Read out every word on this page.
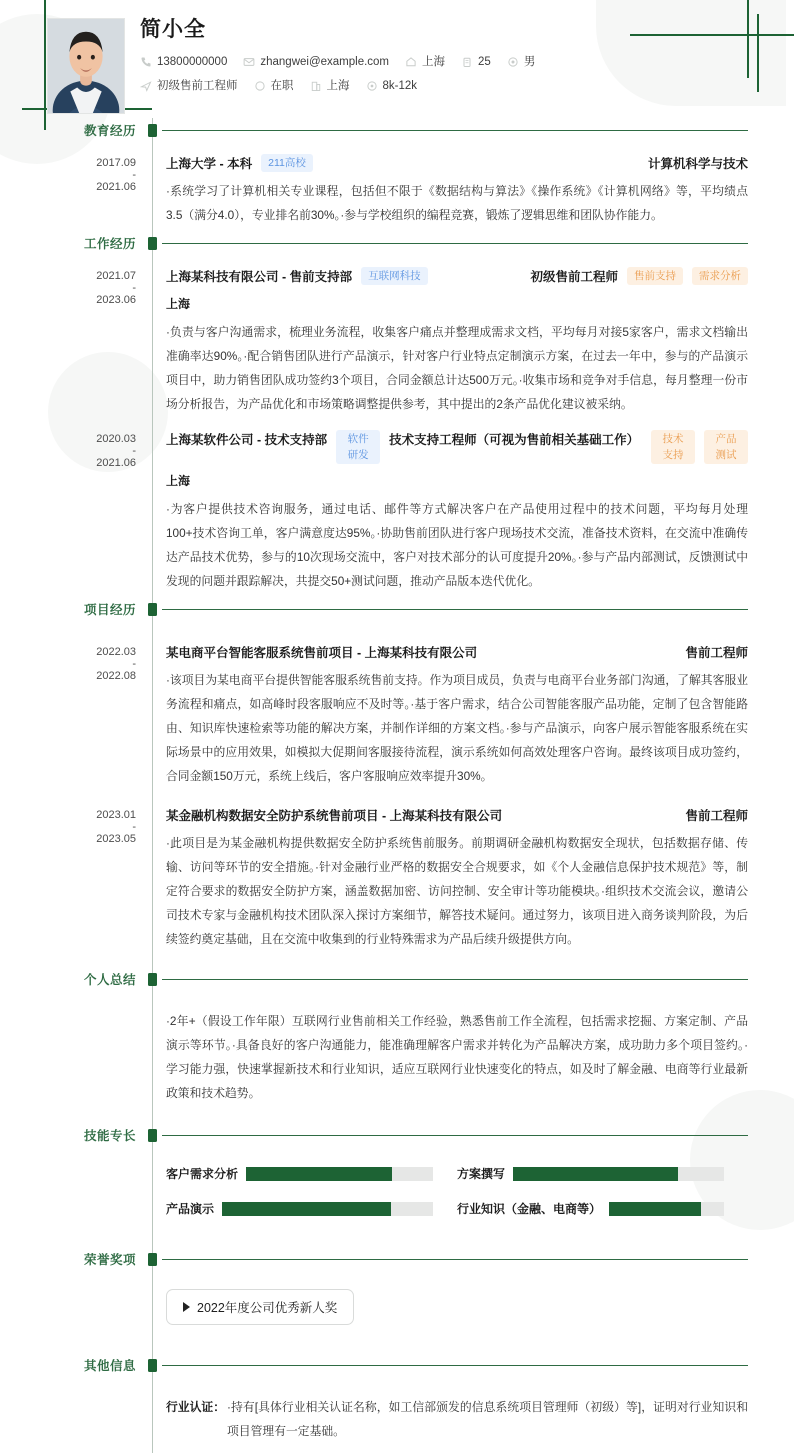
简小全
13800000000	zhangwei@example.com	上海	25	男
初级售前工程师	在职	上海	8k-12k
教育经历
2017.09
-
2021.06
上海大学 - 本科	211高校	计算机科学与技术
·系统学习了计算机相关专业课程，包括但不限于《数据结构与算法》《操作系统》《计算机网络》等，平均绩点3.5（满分4.0），专业排名前30%。·参与学校组织的编程竞赛，锻炼了逻辑思维和团队协作能力。
工作经历
2021.07
-
2023.06
上海某科技有限公司 - 售前支持部	互联网科技	初级售前工程师	售前支持	需求分析
上海
·负责与客户沟通需求，梳理业务流程，收集客户痛点并整理成需求文档，平均每月对接5家客户，需求文档输出准确率达90%。·配合销售团队进行产品演示，针对客户行业特点定制演示方案，在过去一年中，参与的产品演示项目中，助力销售团队成功签约3个项目，合同金额总计达500万元。·收集市场和竞争对手信息，每月整理一份市场分析报告，为产品优化和市场策略调整提供参考，其中提出的2条产品优化建议被采纳。
2020.03
-
2021.06
上海某软件公司 - 技术支持部	软件研发
技术支持工程师（可视为售前相关基础工作）	技术支持
产品测试
上海
·为客户提供技术咨询服务，通过电话、邮件等方式解决客户在产品使用过程中的技术问题，平均每月处理100+技术咨询工单，客户满意度达95%。·协助售前团队进行客户现场技术交流，准备技术资料，在交流中准确传达产品技术优势，参与的10次现场交流中，客户对技术部分的认可度提升20%。·参与产品内部测试，反馈测试中发现的问题并跟踪解决，共提交50+测试问题，推动产品版本迭代优化。
项目经历
2022.03
-
2022.08
某电商平台智能客服系统售前项目 - 上海某科技有限公司	售前工程师
·该项目为某电商平台提供智能客服系统售前支持。作为项目成员，负责与电商平台业务部门沟通，了解其客服业务流程和痛点，如高峰时段客服响应不及时等。·基于客户需求，结合公司智能客服产品功能，定制了包含智能路由、知识库快速检索等功能的解决方案，并制作详细的方案文档。·参与产品演示，向客户展示智能客服系统在实际场景中的应用效果，如模拟大促期间客服接待流程，演示系统如何高效处理客户咨询。最终该项目成功签约，合同金额150万元，系统上线后，客户客服响应效率提升30%。
2023.01
-
2023.05
某金融机构数据安全防护系统售前项目 - 上海某科技有限公司	售前工程师
·此项目是为某金融机构提供数据安全防护系统售前服务。前期调研金融机构数据安全现状，包括数据存储、传输、访问等环节的安全措施。·针对金融行业严格的数据安全合规要求，如《个人金融信息保护技术规范》等，制定符合要求的数据安全防护方案，涵盖数据加密、访问控制、安全审计等功能模块。·组织技术交流会议，邀请公司技术专家与金融机构技术团队深入探讨方案细节，解答技术疑问。通过努力，该项目进入商务谈判阶段，为后续签约奠定基础，且在交流中收集到的行业特殊需求为产品后续升级提供方向。
个人总结
·2年+（假设工作年限）互联网行业售前相关工作经验，熟悉售前工作全流程，包括需求挖掘、方案定制、产品演示等环节。·具备良好的客户沟通能力，能准确理解客户需求并转化为产品解决方案，成功助力多个项目签约。·学习能力强，快速掌握新技术和行业知识，适应互联网行业快速变化的特点，如及时了解金融、电商等行业最新政策和技术趋势。
技能专长
客户需求分析	方案撰写
产品演示	行业知识（金融、电商等）
荣誉奖项
2022年度公司优秀新人奖
其他信息
行业认证： ·持有[具体行业相关认证名称，如工信部颁发的信息系统项目管理师（初级）等]，证明对行业知识和项目管理有一定基础。
